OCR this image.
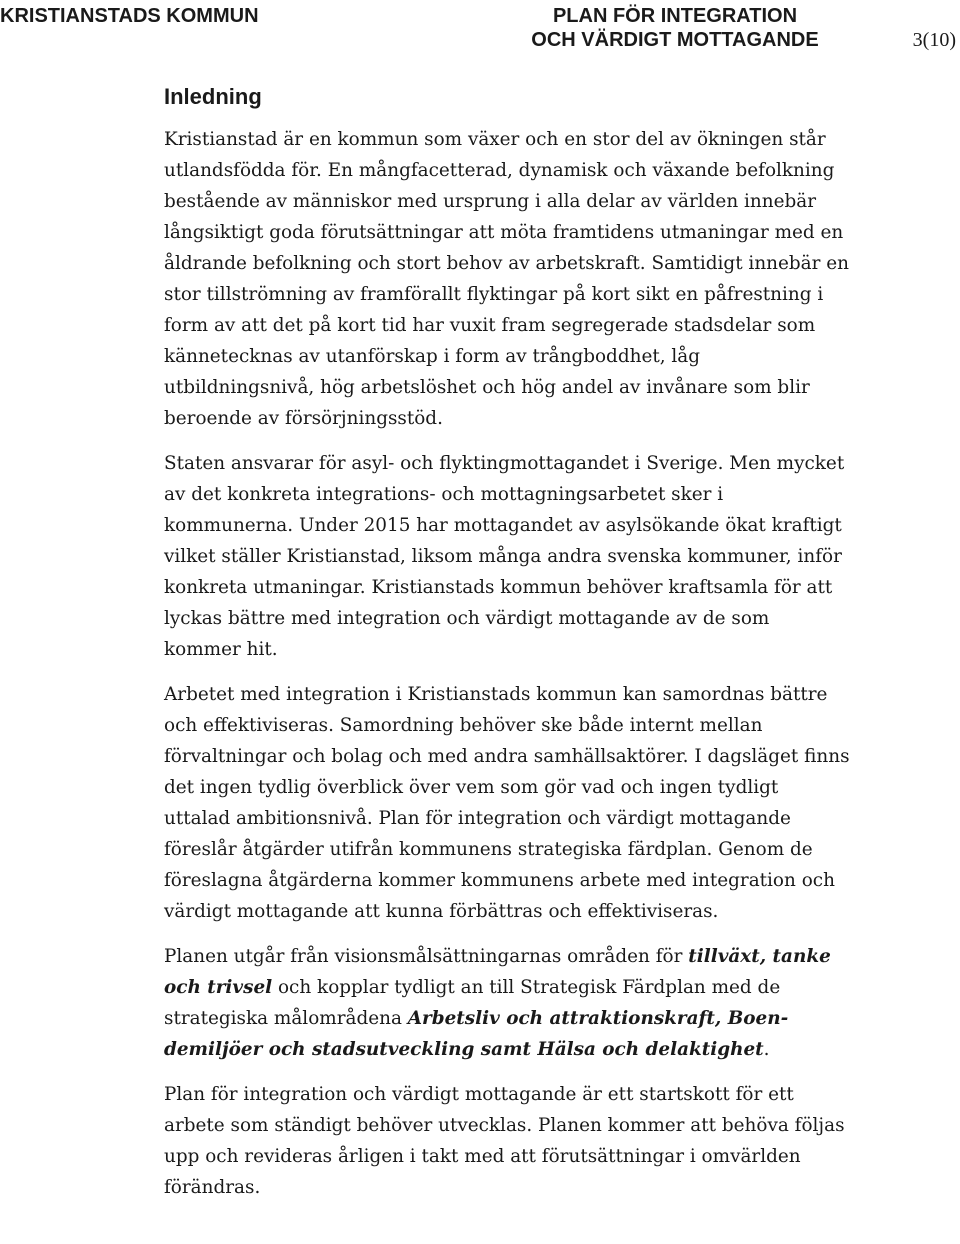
KRISTIANSTADS KOMMUN	PLAN FÖR INTEGRATION
OCH VÄRDIGT MOTTAGANDE	3(10)
Inledning

Kristianstad är en kommun som växer och en stor del av ökningen står utlandsfödda för. En mångfacetterad, dynamisk och växande befolkning bestående av människor med ursprung i alla delar av världen innebär långsiktigt goda förutsättningar att möta framtidens utmaningar med en åldrande befolkning och stort behov av arbetskraft. Samtidigt innebär en stor tillströmning av framförallt flyktingar på kort sikt en påfrestning i form av att det på kort tid har vuxit fram segregerade stadsdelar som kännetecknas av utanförskap i form av trångboddhet, låg utbildningsnivå, hög arbetslöshet och hög andel av invånare som blir beroende av försörjningsstöd.

Staten ansvarar för asyl- och flyktingmottagandet i Sverige. Men mycket av det konkreta integrations- och mottagningsarbetet sker i kommunerna. Under 2015 har mottagandet av asylsökande ökat kraftigt vilket ställer Kristianstad, liksom många andra svenska kommuner, inför konkreta utmaningar. Kristianstads kommun behöver kraftsamla för att lyckas bättre med integration och värdigt mottagande av de som kommer hit.

Arbetet med integration i Kristianstads kommun kan samordnas bättre och effektiviseras. Samordning behöver ske både internt mellan förvaltningar och bolag och med andra samhällsaktörer. I dagsläget finns det ingen tydlig överblick över vem som gör vad och ingen tydligt uttalad ambitionsnivå. Plan för integration och värdigt mottagande föreslår åtgärder utifrån kommunens strategiska färdplan. Genom de föreslagna åtgärderna kommer kommunens arbete med integration och värdigt mottagande att kunna förbättras och effektiviseras.

Planen utgår från visionsmålsättningarnas områden för tillväxt, tanke och trivsel och kopplar tydligt an till Strategisk Färdplan med de strategiska målområdena Arbetsliv och attraktionskraft, Boendemiljöer och stadsutveckling samt Hälsa och delaktighet.

Plan för integration och värdigt mottagande är ett startskott för ett arbete som ständigt behöver utvecklas. Planen kommer att behöva följas upp och revideras årligen i takt med att förutsättningar i omvärlden förändras.
